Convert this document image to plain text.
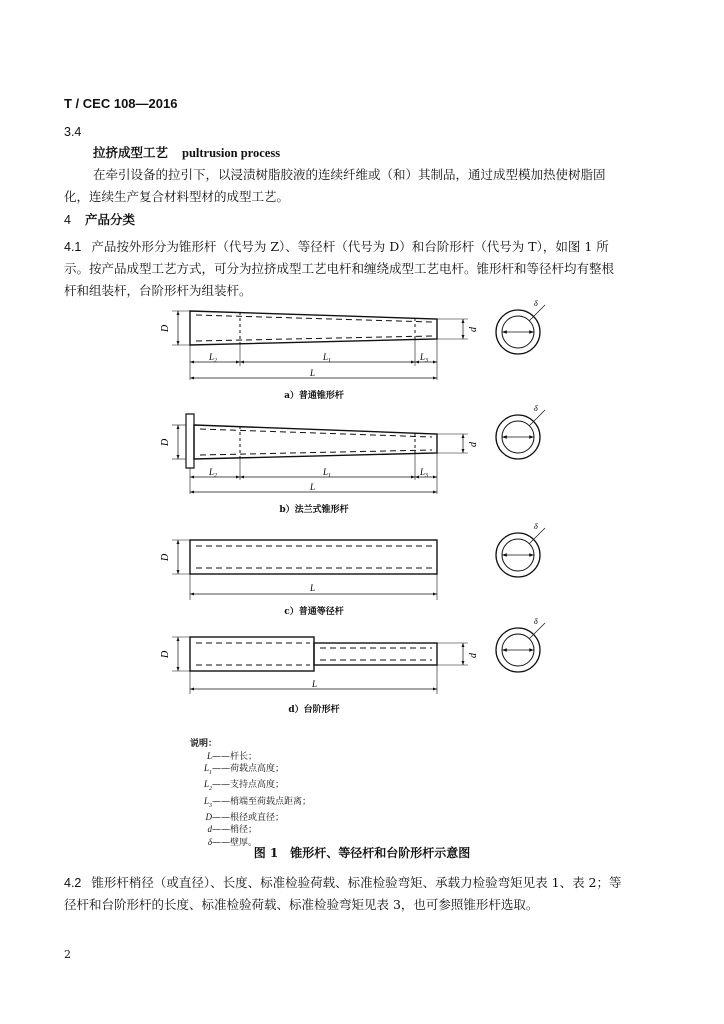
T / CEC 108—2016
3.4
拉挤成型工艺 pultrusion process
在牵引设备的拉引下，以浸渍树脂胶液的连续纤维或（和）其制品，通过成型模加热使树脂固
化，连续生产复合材料型材的成型工艺。
4 产品分类
4.1 产品按外形分为锥形杆（代号为 Z）、等径杆（代号为 D）和台阶形杆（代号为 T），如图 1 所
示。按产品成型工艺方式，可分为拉挤成型工艺电杆和缠绕成型工艺电杆。锥形杆和等径杆均有整根
杆和组装杆，台阶形杆为组装杆。
D	d
$L_2$	$L_1$	$L_3$
L
δ
D	d
$L_2$	$L_1$	$L_3$
L
δ
D
L
δ
D	d
L
δ
a）普通锥形杆
b）法兰式锥形杆
c）普通等径杆
d）台阶形杆
说明：
L——杆长；
$L_1——$荷载点高度；
$L_2——$支持点高度；
$L_3——$梢端至荷载点距离；
D——根径或直径；
d——梢径；
δ——壁厚。
图 1　锥形杆、等径杆和台阶形杆示意图
4.2 锥形杆梢径（或直径）、长度、标准检验荷载、标准检验弯矩、承载力检验弯矩见表 1、表 2；等
径杆和台阶形杆的长度、标准检验荷载、标准检验弯矩见表 3，也可参照锥形杆选取。
2
